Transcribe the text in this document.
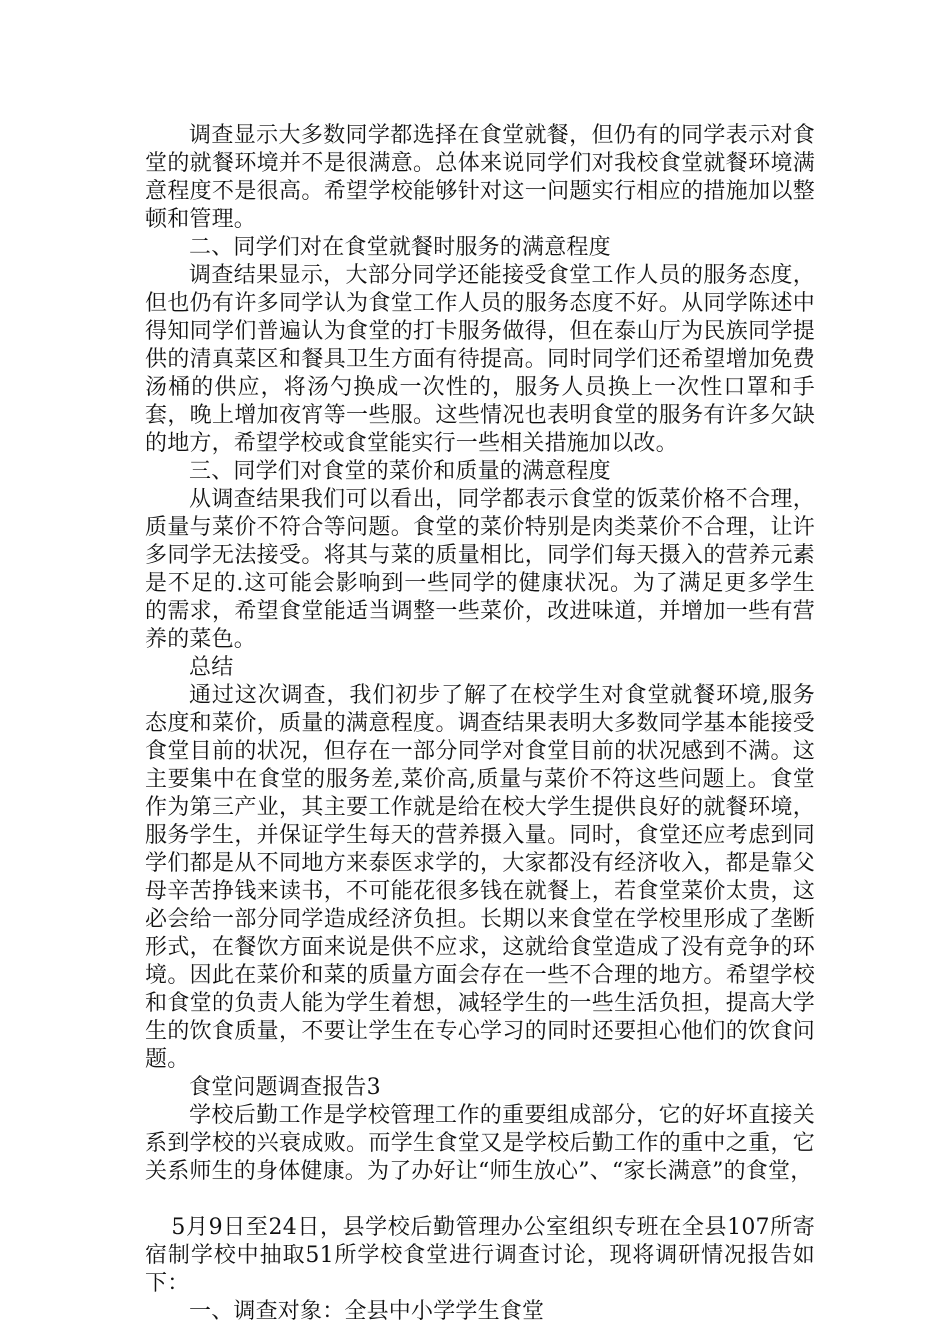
调查显示大多数同学都选择在食堂就餐，但仍有的同学表示对食堂的就餐环境并不是很满意。总体来说同学们对我校食堂就餐环境满意程度不是很高。希望学校能够针对这一问题实行相应的措施加以整顿和管理。

二、同学们对在食堂就餐时服务的满意程度

调查结果显示，大部分同学还能接受食堂工作人员的服务态度，但也仍有许多同学认为食堂工作人员的服务态度不好。从同学陈述中得知同学们普遍认为食堂的打卡服务做得，但在泰山厅为民族同学提供的清真菜区和餐具卫生方面有待提高。同时同学们还希望增加免费汤桶的供应，将汤勺换成一次性的，服务人员换上一次性口罩和手套，晚上增加夜宵等一些服。这些情况也表明食堂的服务有许多欠缺的地方，希望学校或食堂能实行一些相关措施加以改。

三、同学们对食堂的菜价和质量的满意程度

从调查结果我们可以看出，同学都表示食堂的饭菜价格不合理，质量与菜价不符合等问题。食堂的菜价特别是肉类菜价不合理，让许多同学无法接受。将其与菜的质量相比，同学们每天摄入的营养元素是不足的.这可能会影响到一些同学的健康状况。为了满足更多学生的需求，希望食堂能适当调整一些菜价，改进味道，并增加一些有营养的菜色。

总结

通过这次调查，我们初步了解了在校学生对食堂就餐环境,服务态度和菜价，质量的满意程度。调查结果表明大多数同学基本能接受食堂目前的状况，但存在一部分同学对食堂目前的状况感到不满。这主要集中在食堂的服务差,菜价高,质量与菜价不符这些问题上。食堂作为第三产业，其主要工作就是给在校大学生提供良好的就餐环境，服务学生，并保证学生每天的营养摄入量。同时，食堂还应考虑到同学们都是从不同地方来泰医求学的，大家都没有经济收入，都是靠父母辛苦挣钱来读书，不可能花很多钱在就餐上，若食堂菜价太贵，这必会给一部分同学造成经济负担。长期以来食堂在学校里形成了垄断形式，在餐饮方面来说是供不应求，这就给食堂造成了没有竞争的环境。因此在菜价和菜的质量方面会存在一些不合理的地方。希望学校和食堂的负责人能为学生着想，减轻学生的一些生活负担，提高大学生的饮食质量，不要让学生在专心学习的同时还要担心他们的饮食问题。

食堂问题调查报告3

学校后勤工作是学校管理工作的重要组成部分，它的好坏直接关系到学校的兴衰成败。而学生食堂又是学校后勤工作的重中之重，它关系师生的身体健康。为了办好让“师生放心”、“家长满意”的食堂，

5月9日至24日，县学校后勤管理办公室组织专班在全县107所寄宿制学校中抽取51所学校食堂进行调查讨论，现将调研情况报告如下：

一、调查对象：全县中小学学生食堂
